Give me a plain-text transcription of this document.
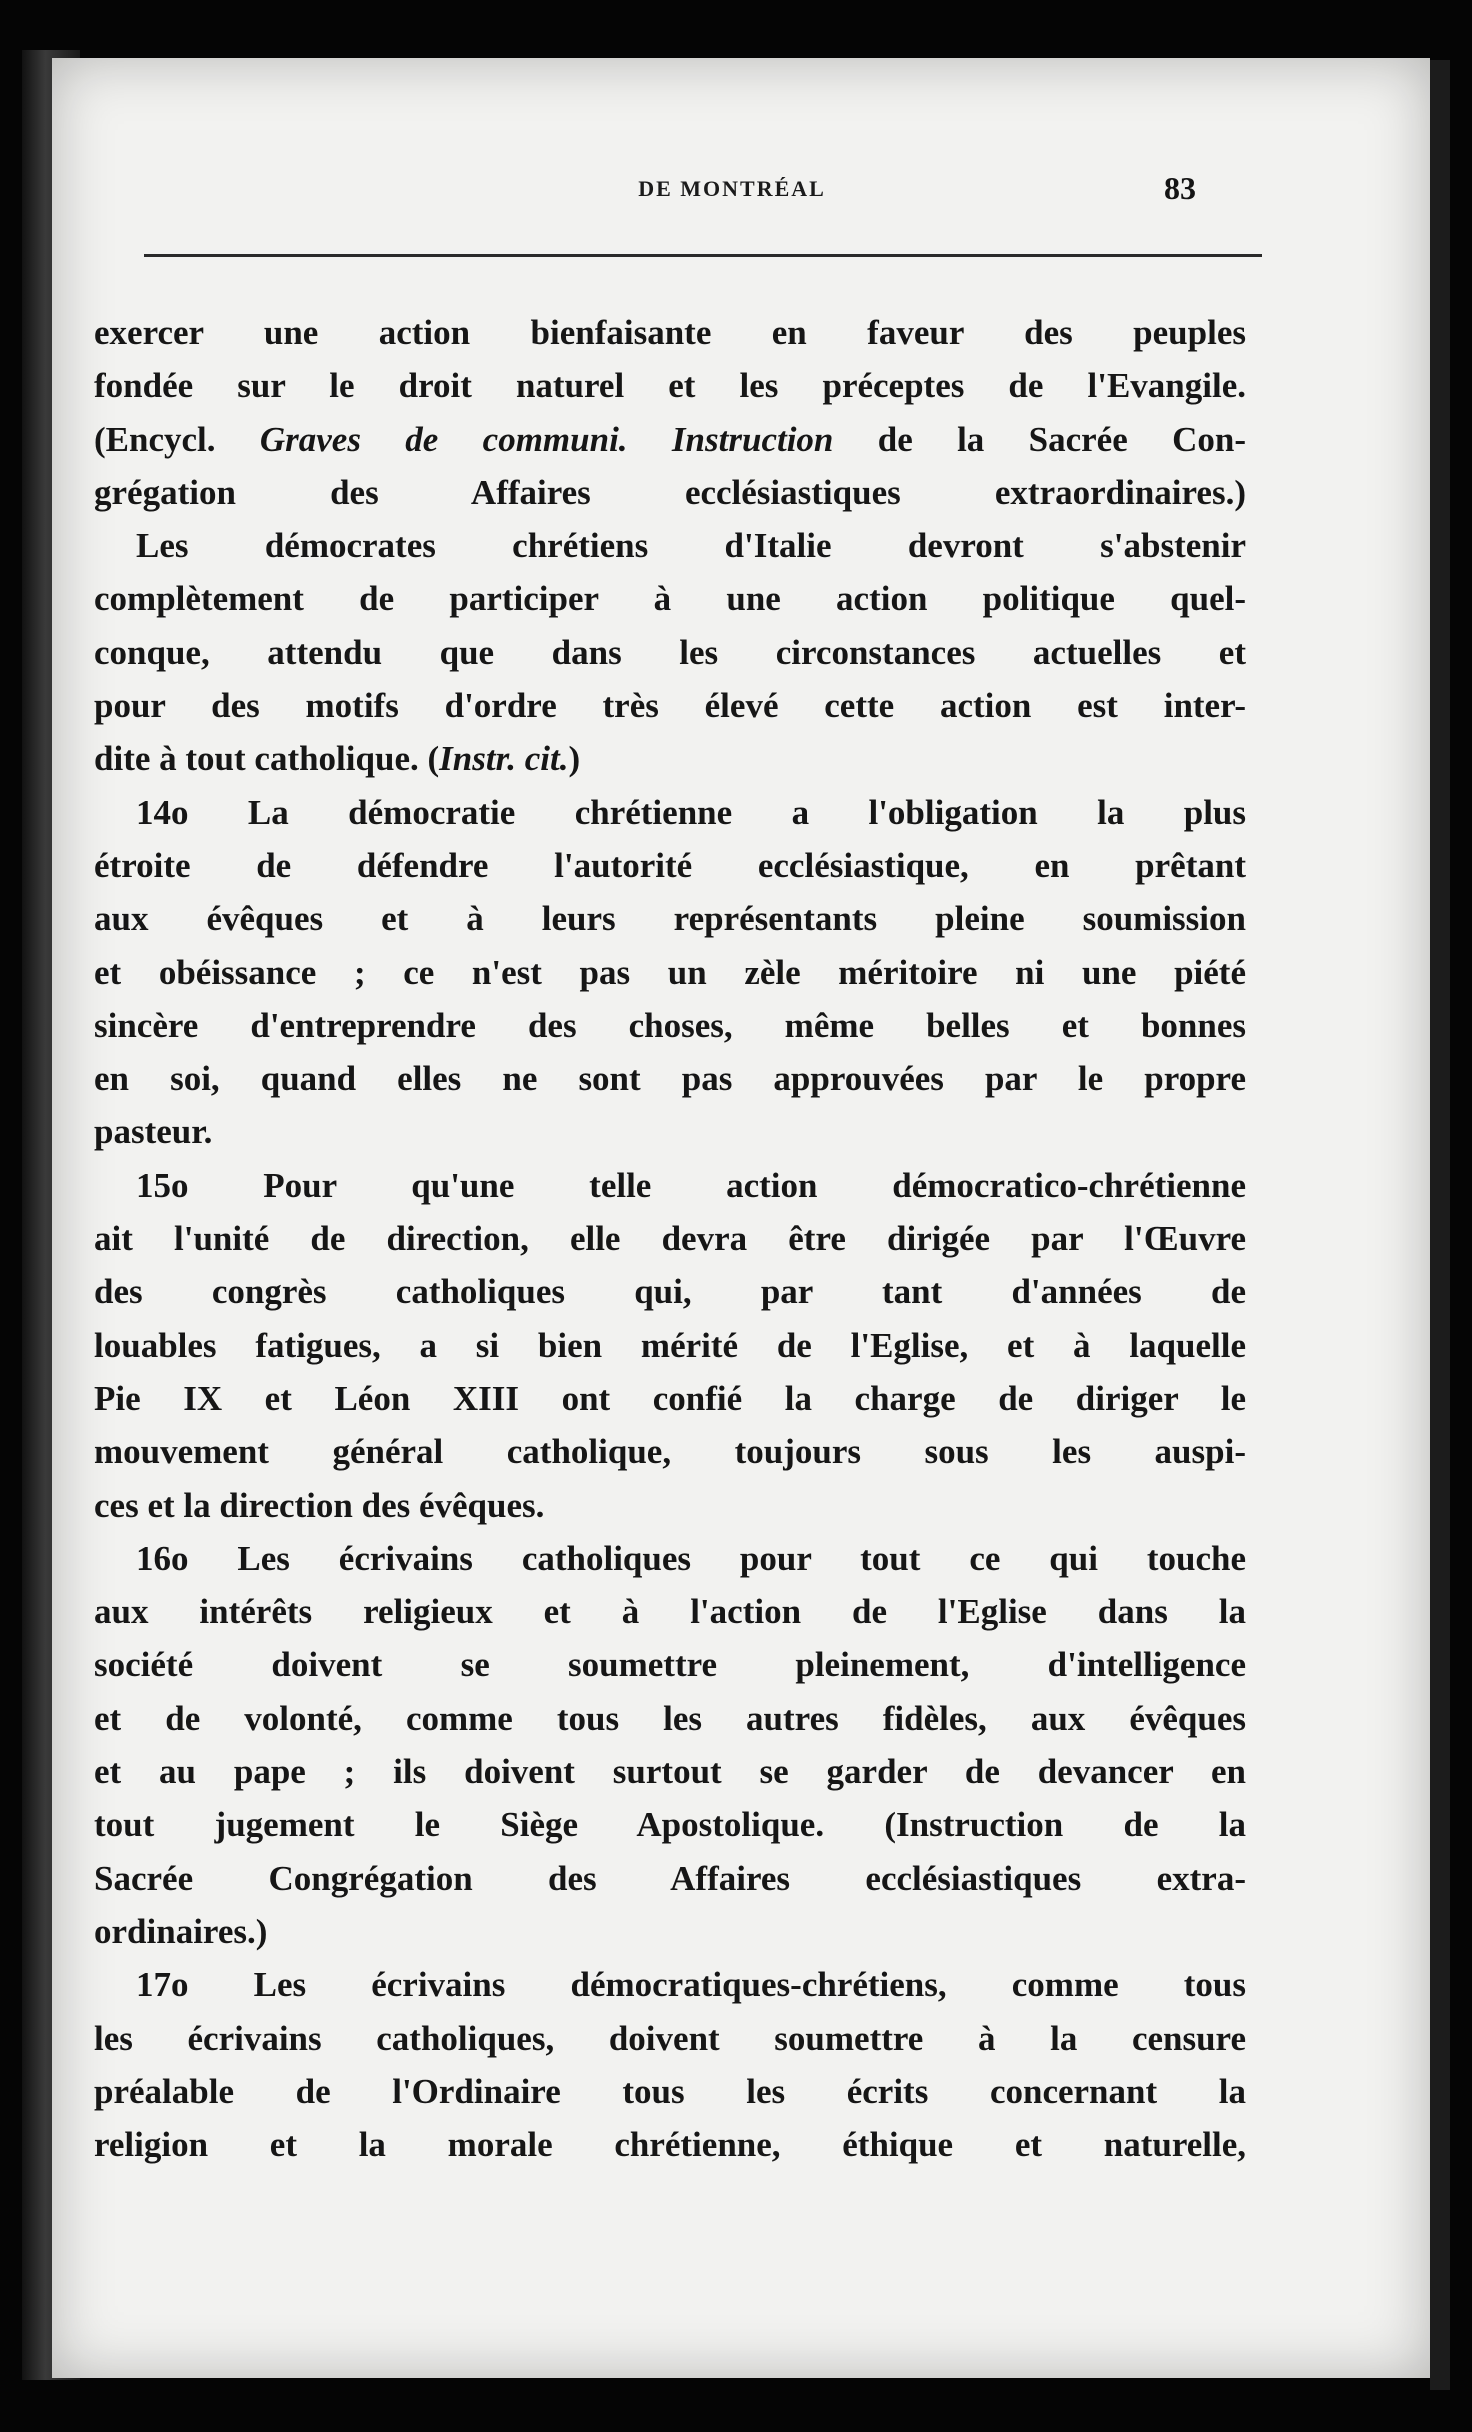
DE MONTRÉAL	83
exercer une action bienfaisante en faveur des peuples
fondée sur le droit naturel et les préceptes de l'Evangile.
(Encycl. Graves de communi. Instruction de la Sacrée Con-
grégation des Affaires ecclésiastiques extraordinaires.)
Les démocrates chrétiens d'Italie devront s'abstenir
complètement de participer à une action politique quel-
conque, attendu que dans les circonstances actuelles et
pour des motifs d'ordre très élevé cette action est inter-
dite à tout catholique. (Instr. cit.)
14o La démocratie chrétienne a l'obligation la plus
étroite de défendre l'autorité ecclésiastique, en prêtant
aux évêques et à leurs représentants pleine soumission
et obéissance ; ce n'est pas un zèle méritoire ni une piété
sincère d'entreprendre des choses, même belles et bonnes
en soi, quand elles ne sont pas approuvées par le propre
pasteur.
15o Pour qu'une telle action démocratico-chrétienne
ait l'unité de direction, elle devra être dirigée par l'Œuvre
des congrès catholiques qui, par tant d'années de
louables fatigues, a si bien mérité de l'Eglise, et à laquelle
Pie IX et Léon XIII ont confié la charge de diriger le
mouvement général catholique, toujours sous les auspi-
ces et la direction des évêques.
16o Les écrivains catholiques pour tout ce qui touche
aux intérêts religieux et à l'action de l'Eglise dans la
société doivent se soumettre pleinement, d'intelligence
et de volonté, comme tous les autres fidèles, aux évêques
et au pape ; ils doivent surtout se garder de devancer en
tout jugement le Siège Apostolique. (Instruction de la
Sacrée Congrégation des Affaires ecclésiastiques extra-
ordinaires.)
17o Les écrivains démocratiques-chrétiens, comme tous
les écrivains catholiques, doivent soumettre à la censure
préalable de l'Ordinaire tous les écrits concernant la
religion et la morale chrétienne, éthique et naturelle,
